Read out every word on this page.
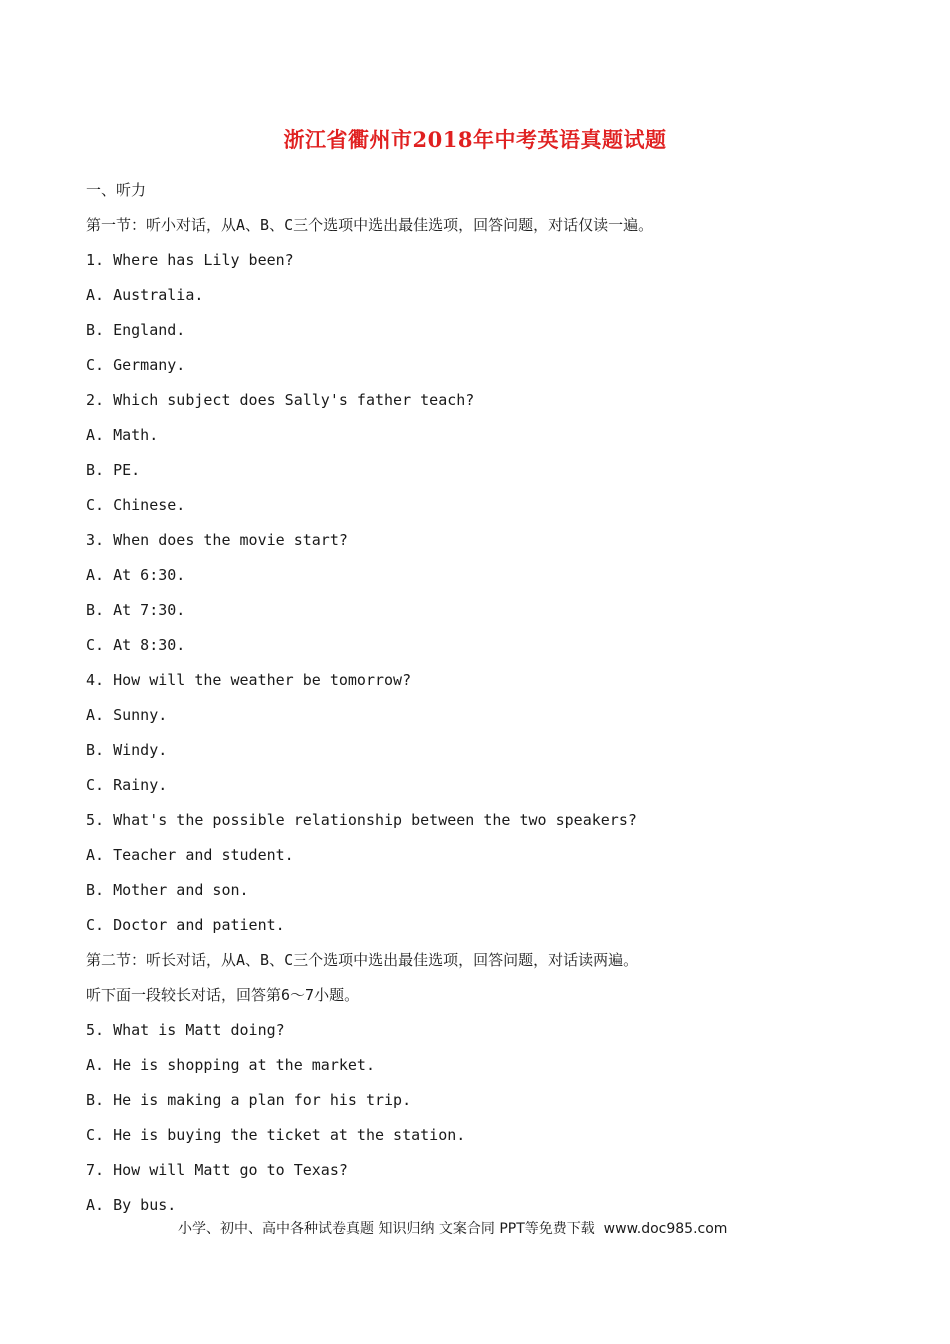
浙江省衢州市2018年中考英语真题试题
一、听力
第一节：听小对话，从A、B、C三个选项中选出最佳选项，回答问题，对话仅读一遍。
1. Where has Lily been?
A. Australia.
B. England.
C. Germany.
2. Which subject does Sally's father teach?
A. Math.
B. PE.
C. Chinese.
3. When does the movie start?
A. At 6:30.
B. At 7:30.
C. At 8:30.
4. How will the weather be tomorrow?
A. Sunny.
B. Windy.
C. Rainy.
5. What's the possible relationship between the two speakers?
A. Teacher and student.
B. Mother and son.
C. Doctor and patient.
第二节：听长对话，从A、B、C三个选项中选出最佳选项，回答问题，对话读两遍。
听下面一段较长对话，回答第6～7小题。
5. What is Matt doing?
A. He is shopping at the market.
B. He is making a plan for his trip.
C. He is buying the ticket at the station.
7. How will Matt go to Texas?
A. By bus.
小学、初中、高中各种试卷真题 知识归纳 文案合同 PPT等免费下载  www.doc985.com
